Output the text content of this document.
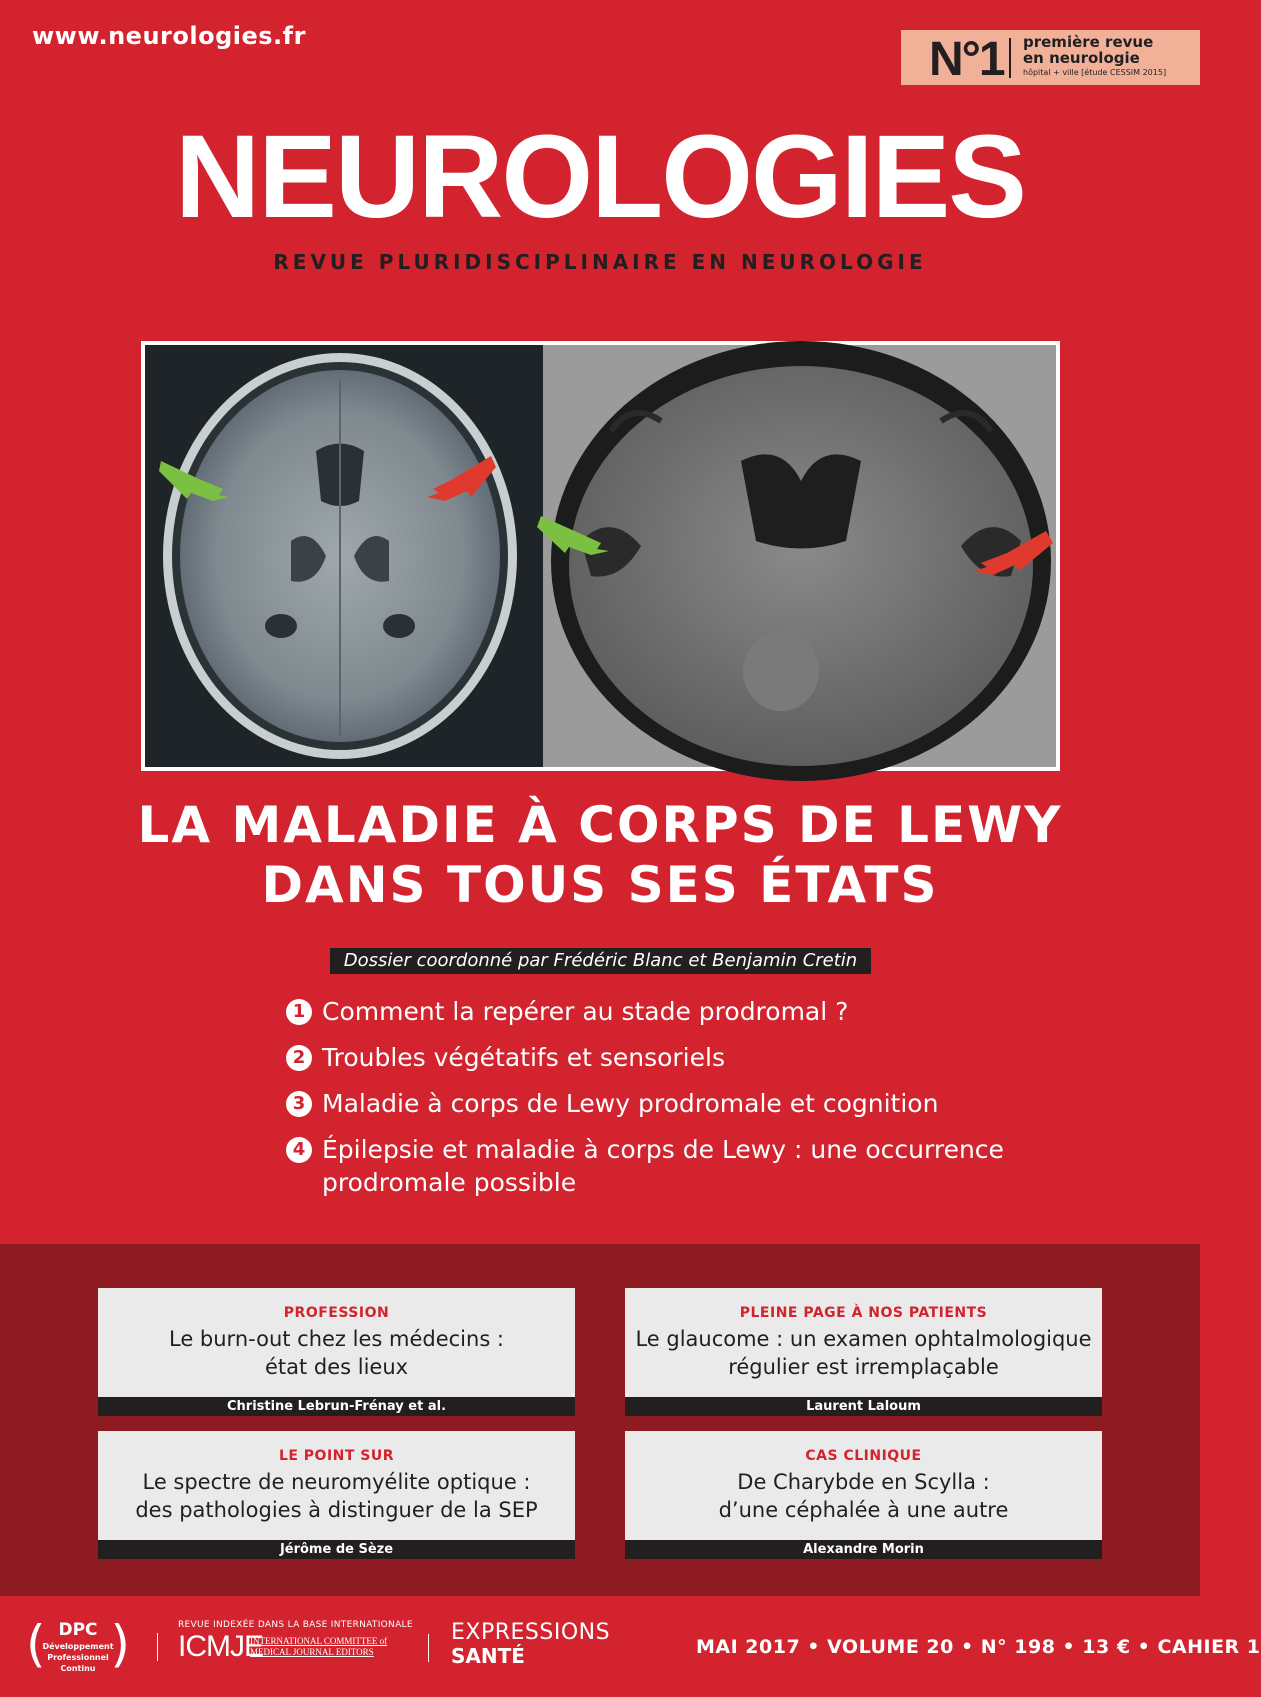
www.neurologies.fr	N°1 première revue
en neurologie
hôpital + ville [étude CESSIM 2015]
NEUROLOGIES
REVUE PLURIDISCIPLINAIRE EN NEUROLOGIE
LA MALADIE À CORPS DE LEWY
DANS TOUS SES ÉTATS
Dossier coordonné par Frédéric Blanc et Benjamin Cretin
1 Comment la repérer au stade prodromal ?
2 Troubles végétatifs et sensoriels
3 Maladie à corps de Lewy prodromale et cognition
4 Épilepsie et maladie à corps de Lewy : une occurrence prodromale possible
PROFESSION
Le burn-out chez les médecins :
état des lieux
Christine Lebrun-Frénay et al.
PLEINE PAGE À NOS PATIENTS
Le glaucome : un examen ophtalmologique
régulier est irremplaçable
Laurent Laloum
LE POINT SUR
Le spectre de neuromyélite optique :
des pathologies à distinguer de la SEP
Jérôme de Sèze
CAS CLINIQUE
De Charybde en Scylla :
d’une céphalée à une autre
Alexandre Morin
( )
DPC
Développement
Professionnel
Continu
REVUE INDEXÉE DANS LA BASE INTERNATIONALE
ICMJE
INTERNATIONAL COMMITTEE of
MEDICAL JOURNAL EDITORS
EXPRESSIONS
SANTÉ	MAI 2017 • VOLUME 20 • N° 198 • 13 € • CAHIER 1
